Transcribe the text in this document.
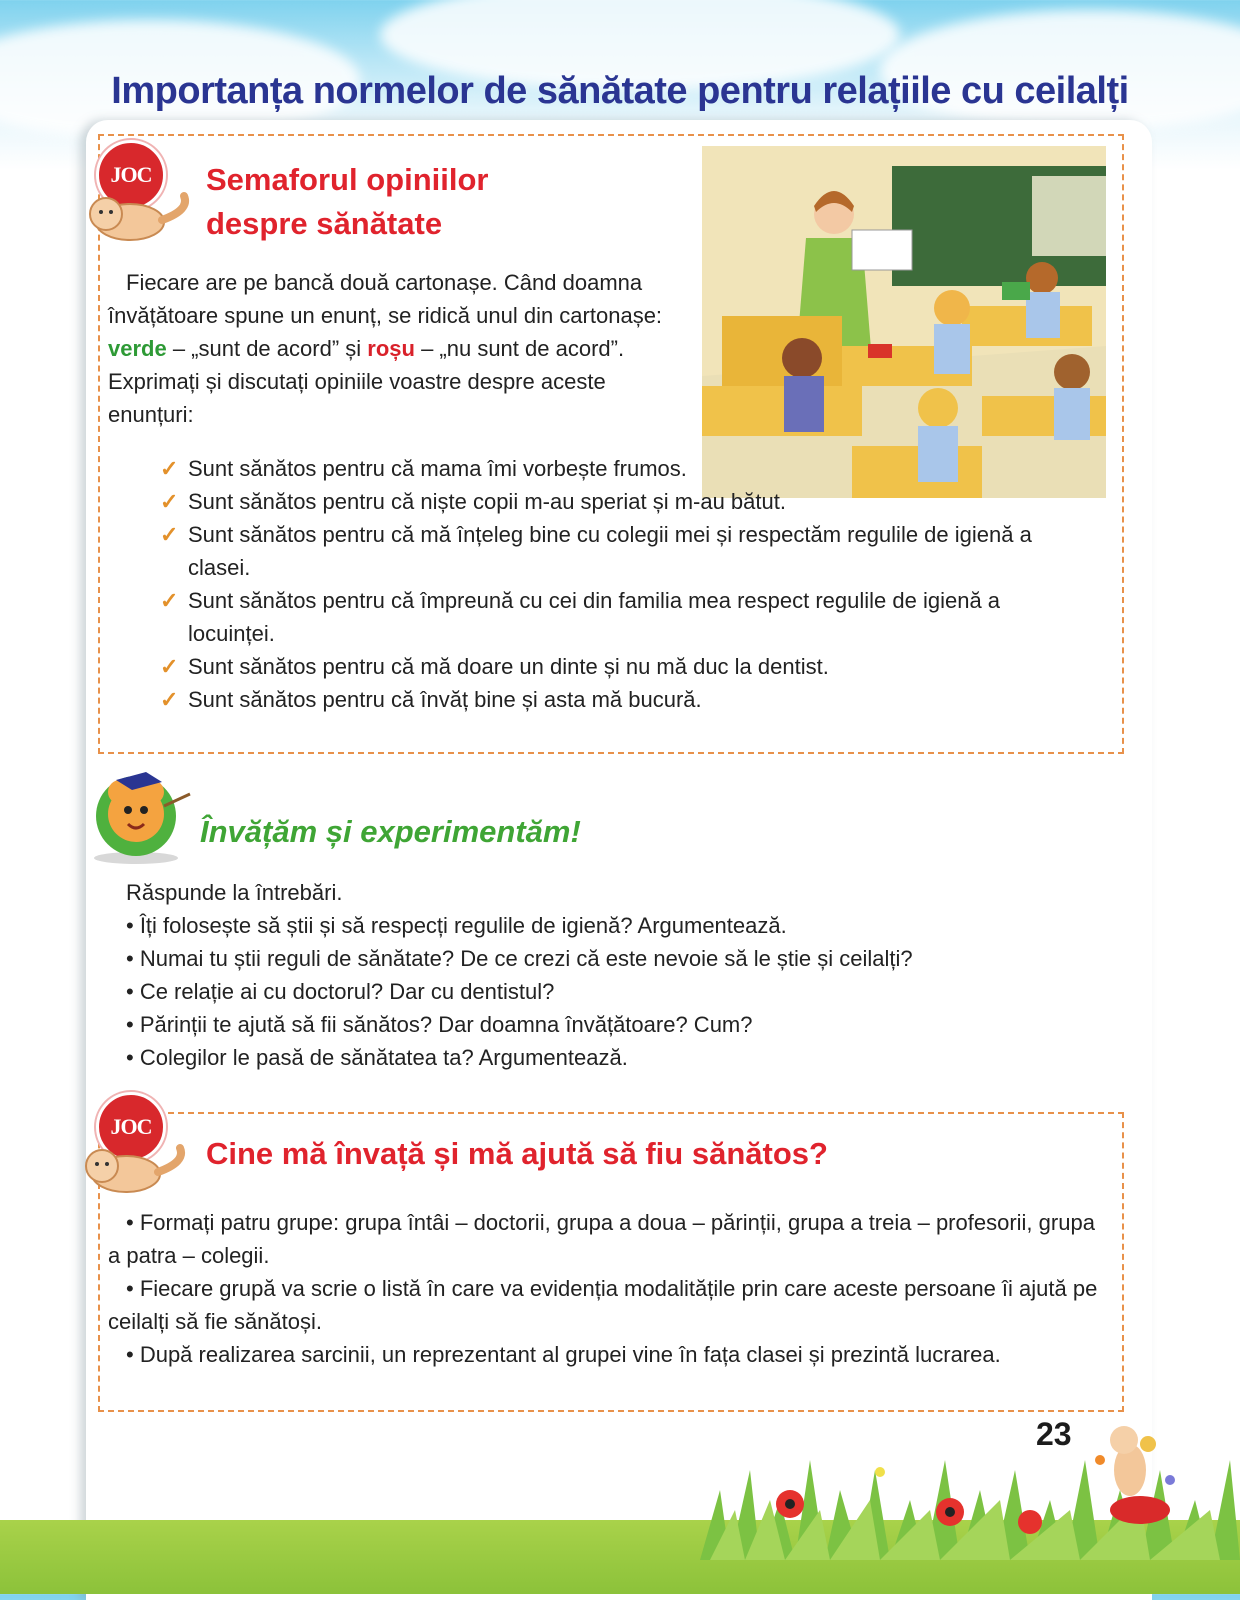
Importanța normelor de sănătate pentru relațiile cu ceilalți
JOC	Semaforul opiniilor
despre sănătate
Fiecare are pe bancă două cartonașe. Când doamna învățătoare spune un enunț, se ridică unul din cartonașe: verde – „sunt de acord” și roșu – „nu sunt de acord”. Exprimați și discutați opiniile voastre despre aceste enunțuri:
✓ Sunt sănătos pentru că mama îmi vorbește frumos.
✓ Sunt sănătos pentru că niște copii m-au speriat și m-au bătut.
✓ Sunt sănătos pentru că mă înțeleg bine cu colegii mei și respectăm regulile de igienă a clasei.
✓ Sunt sănătos pentru că împreună cu cei din familia mea respect regulile de igienă a locuinței.
✓ Sunt sănătos pentru că mă doare un dinte și nu mă duc la dentist.
✓ Sunt sănătos pentru că învăț bine și asta mă bucură.
Învățăm și experimentăm!
Răspunde la întrebări.
• Îți folosește să știi și să respecți regulile de igienă? Argumentează.
• Numai tu știi reguli de sănătate? De ce crezi că este nevoie să le știe și ceilalți?
• Ce relație ai cu doctorul? Dar cu dentistul?
• Părinții te ajută să fii sănătos? Dar doamna învățătoare? Cum?
• Colegilor le pasă de sănătatea ta? Argumentează.
JOC
Cine mă învață și mă ajută să fiu sănătos?
• Formați patru grupe: grupa întâi – doctorii, grupa a doua – părinții, grupa a treia – profesorii, grupa a patra – colegii.
• Fiecare grupă va scrie o listă în care va evidenția modalitățile prin care aceste persoane îi ajută pe ceilalți să fie sănătoși.
• După realizarea sarcinii, un reprezentant al grupei vine în fața clasei și prezintă lucrarea.
23
